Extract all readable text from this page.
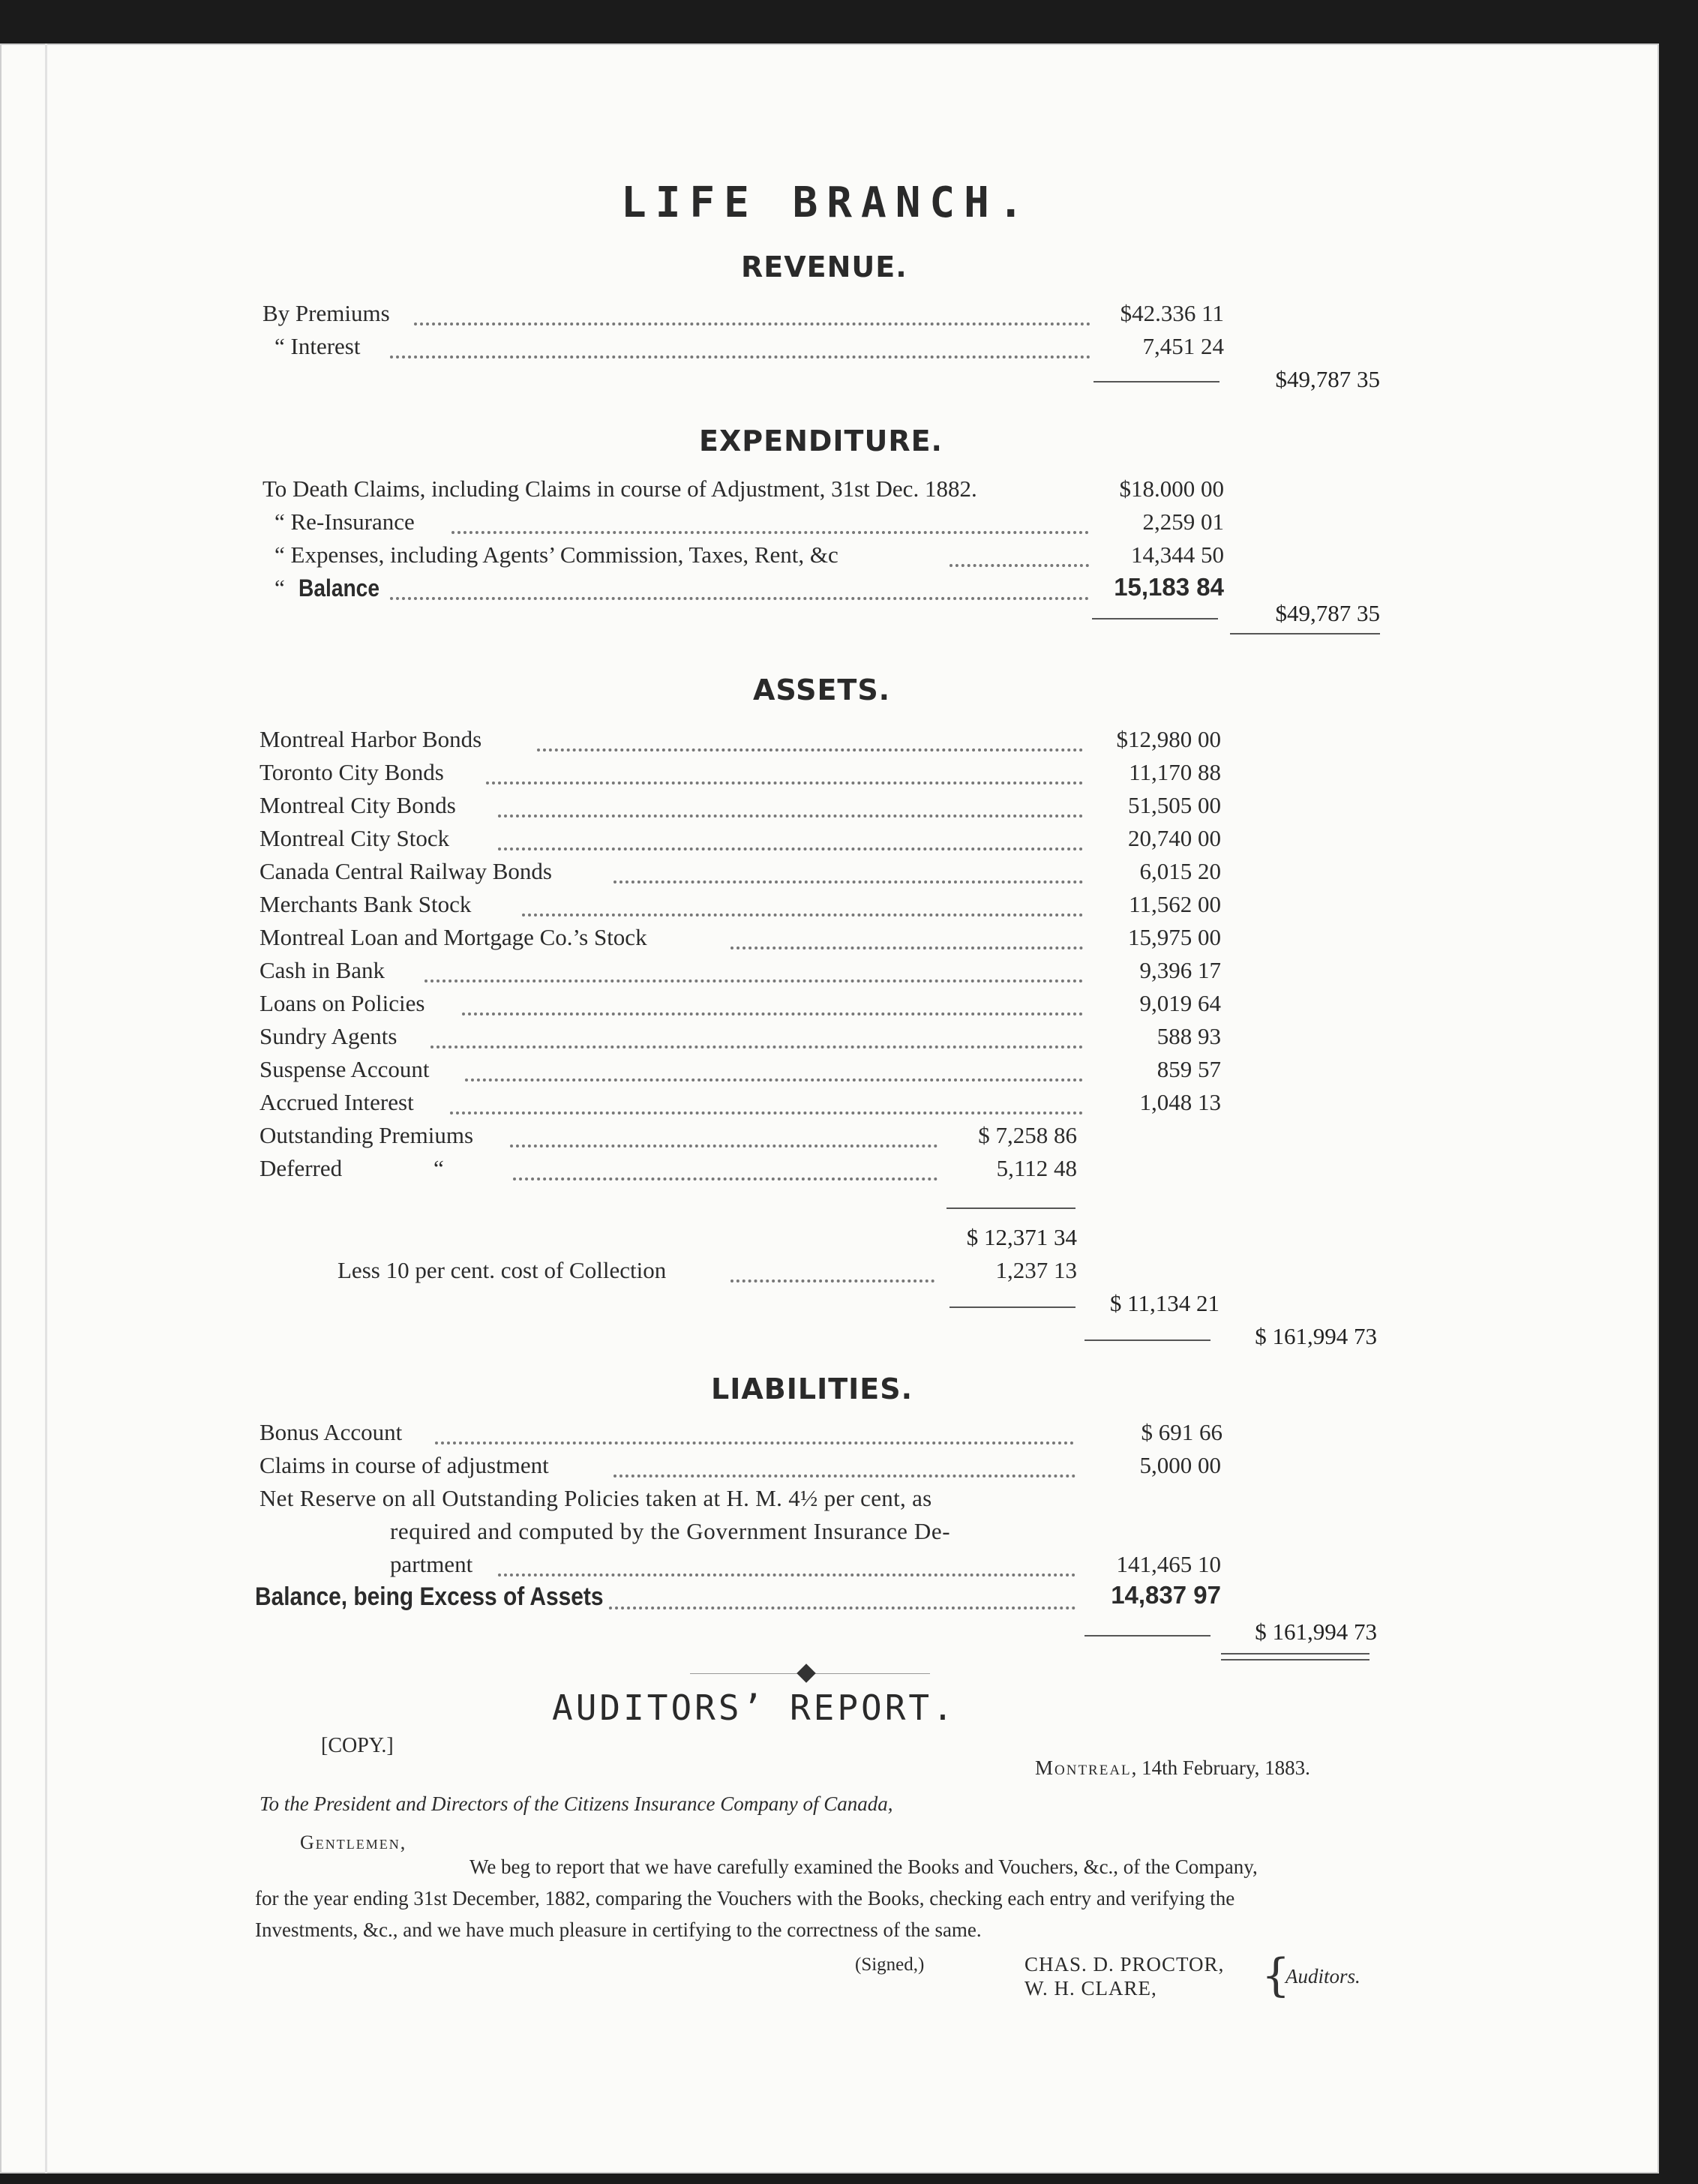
LIFE BRANCH.
REVENUE.
By Premiums	$42.336 11
“ Interest	7,451 24
$49,787 35
EXPENDITURE.
To Death Claims, including Claims in course of Adjustment, 31st Dec. 1882.	$18.000 00
“ Re-Insurance	2,259 01
“ Expenses, including Agents’ Commission, Taxes, Rent, &c	14,344 50
“ Balance	15,183 84
$49,787 35
ASSETS.
Montreal Harbor Bonds	$12,980 00
Toronto City Bonds	11,170 88
Montreal City Bonds	51,505 00
Montreal City Stock	20,740 00
Canada Central Railway Bonds	6,015 20
Merchants Bank Stock	11,562 00
Montreal Loan and Mortgage Co.’s Stock	15,975 00
Cash in Bank	9,396 17
Loans on Policies	9,019 64
Sundry Agents	588 93
Suspense Account	859 57
Accrued Interest	1,048 13
Outstanding Premiums	$ 7,258 86
Deferred	“	5,112 48
$ 12,371 34
Less 10 per cent. cost of Collection	1,237 13
$ 11,134 21
$ 161,994 73
LIABILITIES.
Bonus Account	$ 691 66
Claims in course of adjustment	5,000 00
Net Reserve on all Outstanding Policies taken at H. M. 4½ per cent, as
required and computed by the Government Insurance De-
partment	141,465 10
Balance, being Excess of Assets	14,837 97
$ 161,994 73
AUDITORS’ REPORT.
[COPY.]
Montreal, 14th February, 1883.
To the President and Directors of the Citizens Insurance Company of Canada,
Gentlemen,
We beg to report that we have carefully examined the Books and Vouchers, &c., of the Company,
for the year ending 31st December, 1882, comparing the Vouchers with the Books, checking each entry and verifying the
Investments, &c., and we have much pleasure in certifying to the correctness of the same.
(Signed,)	CHAS. D. PROCTOR,
W. H. CLARE, {
Auditors.
